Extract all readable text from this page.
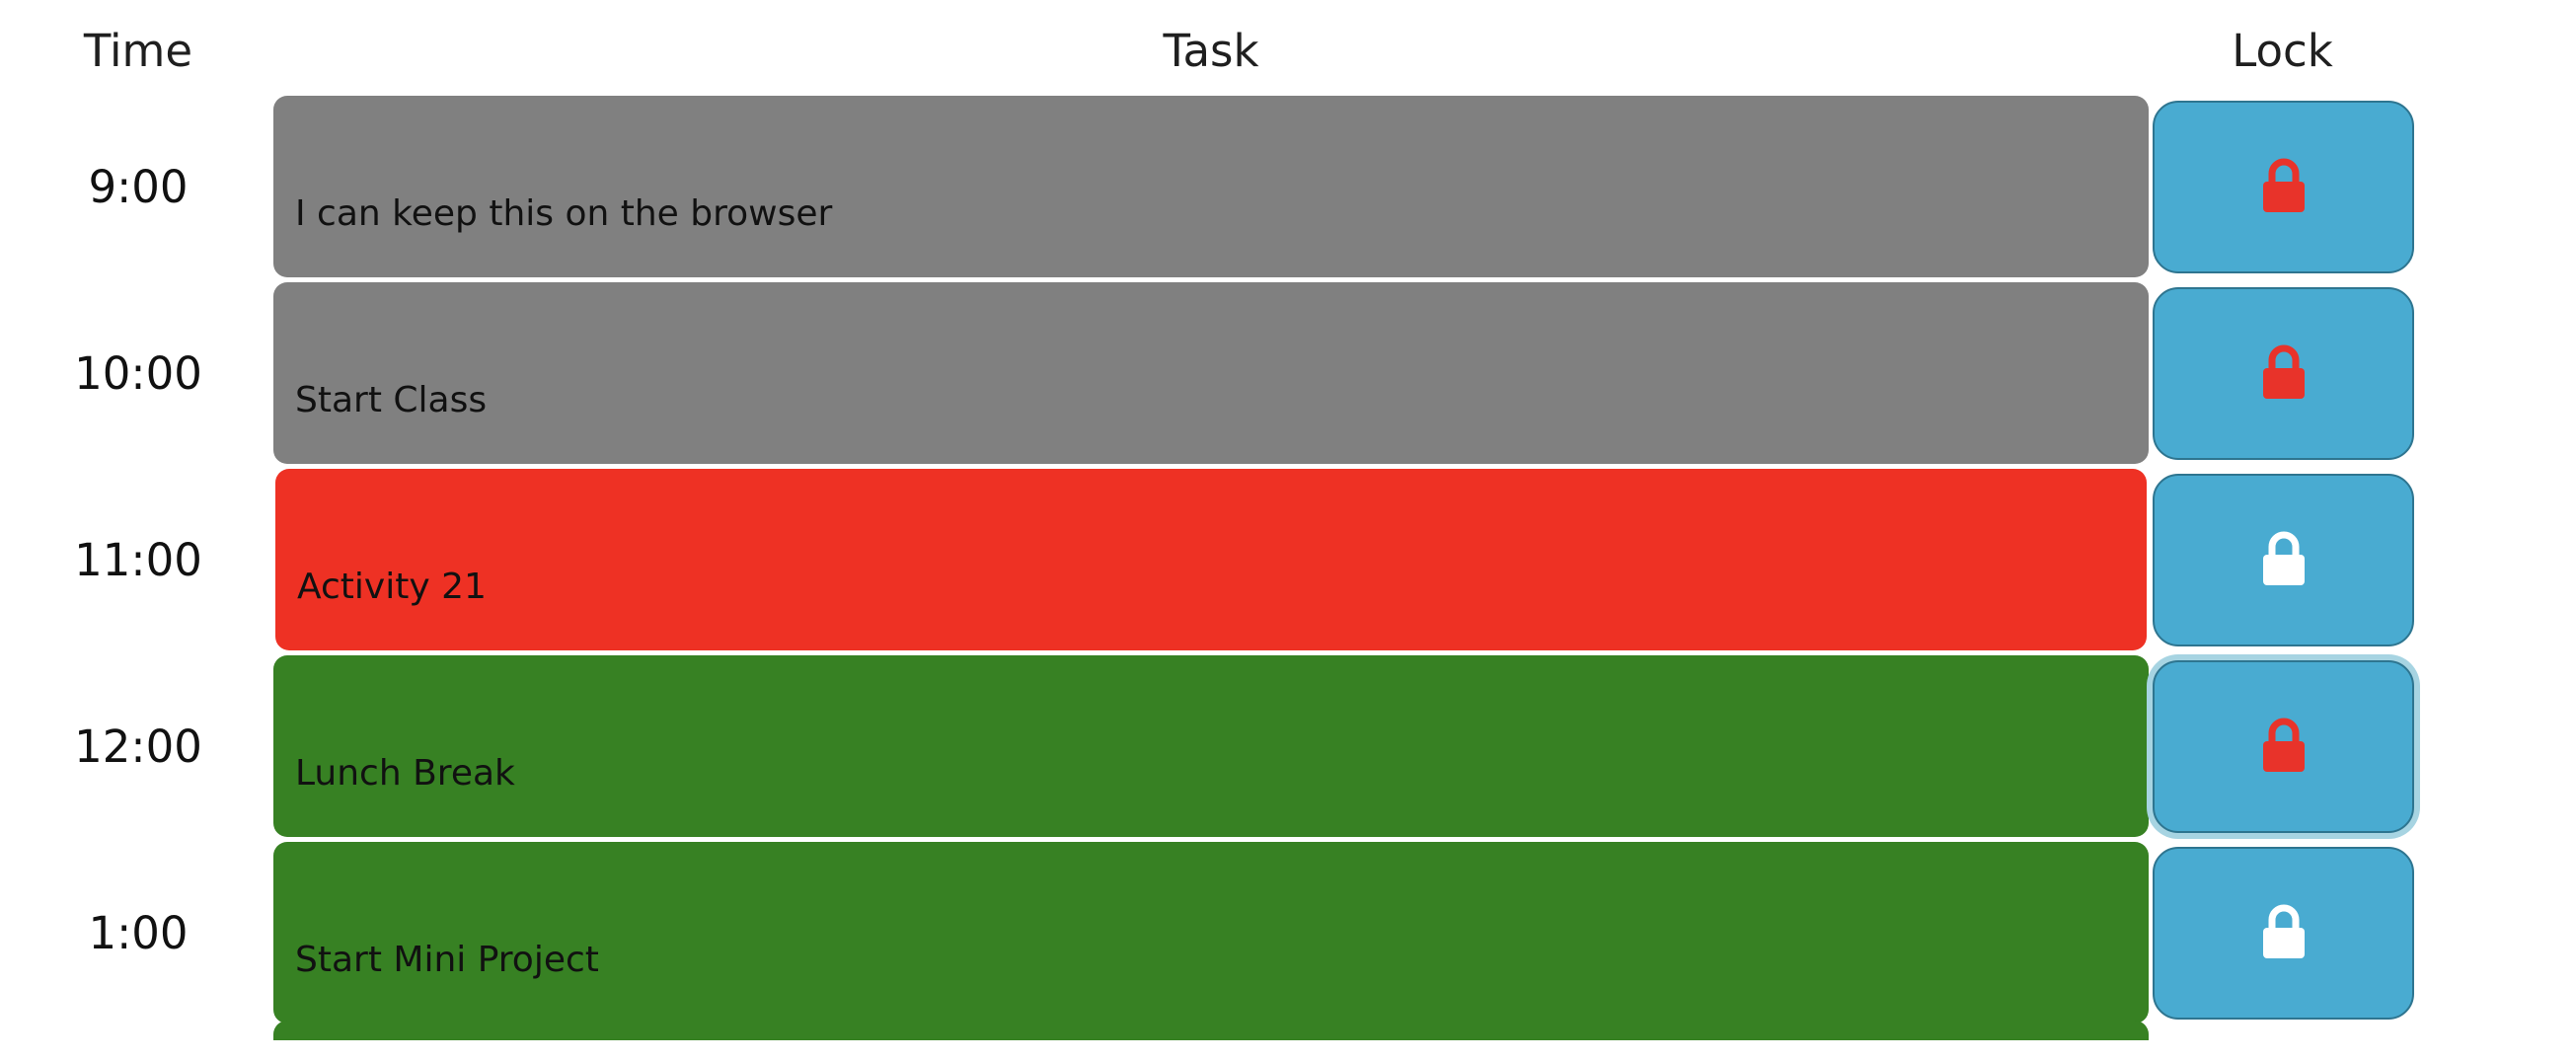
Time	Task	Lock
9:00

I can keep this on the browser

10:00

Start Class

11:00

Activity 21

12:00

Lunch Break

1:00

Start Mini Project
